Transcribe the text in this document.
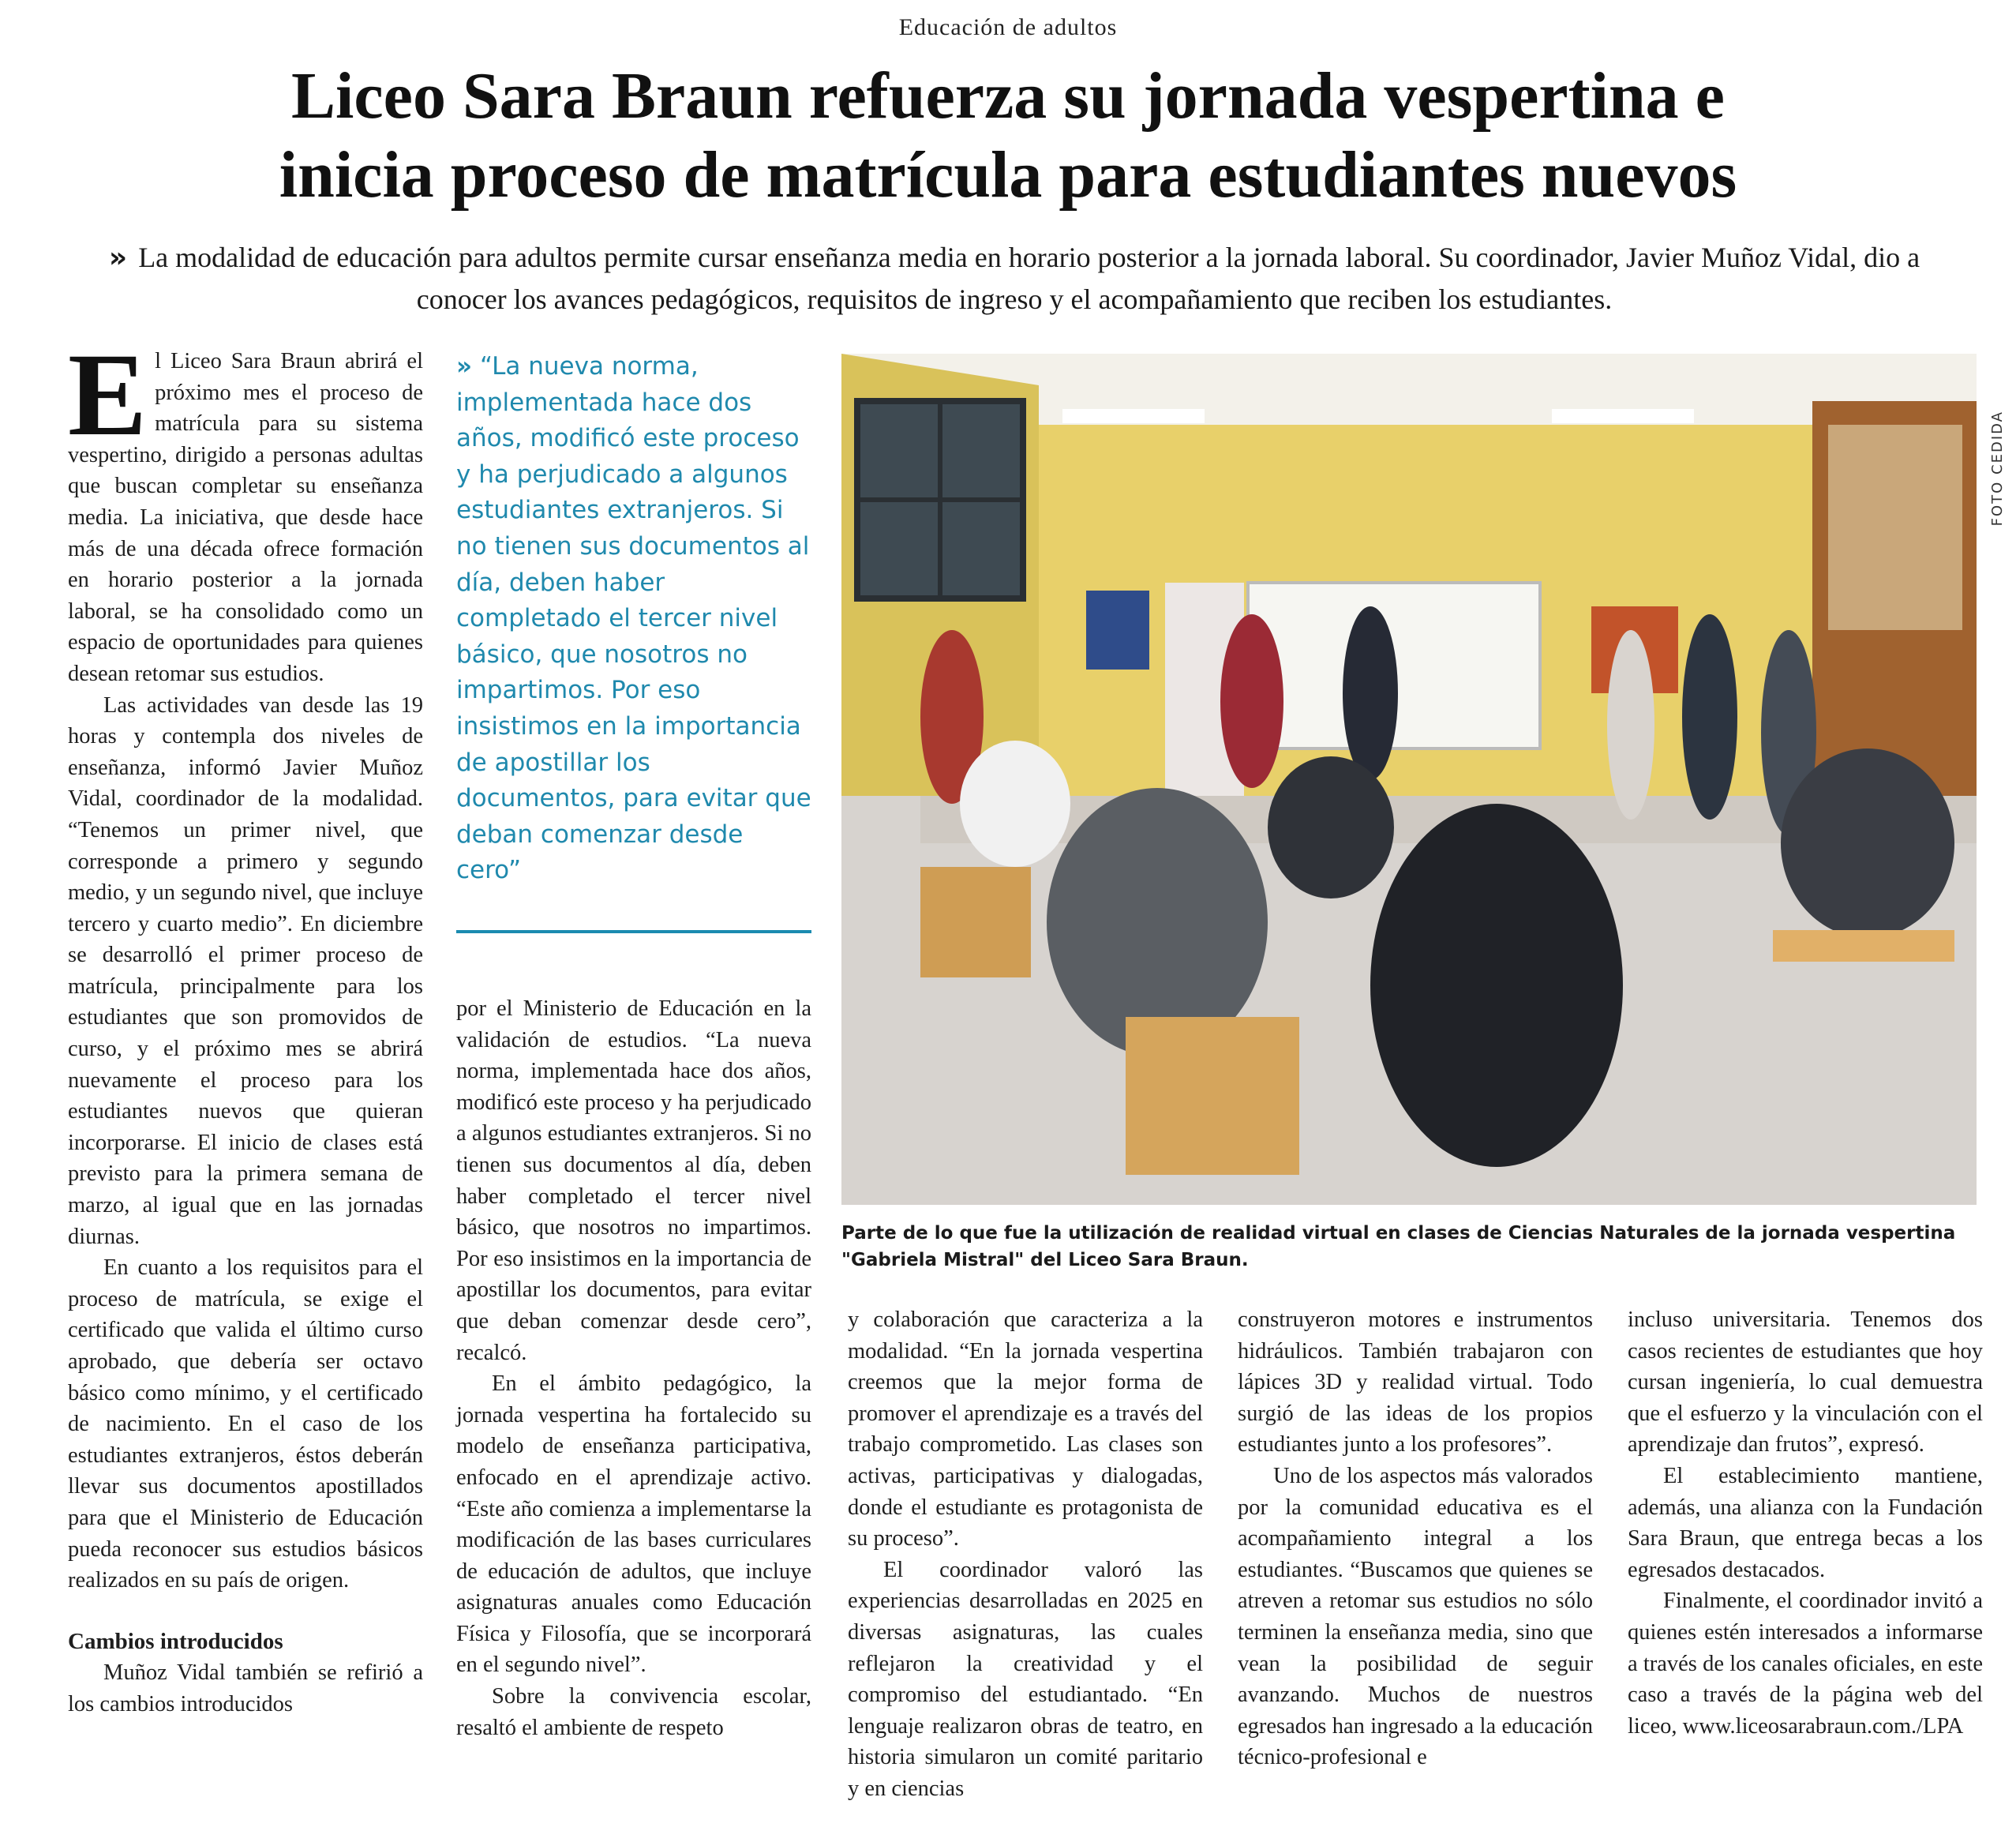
Educación de adultos
Liceo Sara Braun refuerza su jornada vespertina e
inicia proceso de matrícula para estudiantes nuevos
» La modalidad de educación para adultos permite cursar enseñanza media en horario posterior a la jornada laboral. Su coordinador, Javier Muñoz Vidal, dio a conocer los avances pedagógicos, requisitos de ingreso y el acompañamiento que reciben los estudiantes.

El Liceo Sara Braun abrirá el próximo mes el proceso de matrícula para su sistema vespertino, dirigido a personas adultas que buscan completar su enseñanza media. La iniciativa, que desde hace más de una década ofrece formación en horario posterior a la jornada laboral, se ha consolidado como un espacio de oportunidades para quienes desean retomar sus estudios.

Las actividades van desde las 19 horas y contempla dos niveles de enseñanza, informó Javier Muñoz Vidal, coordinador de la modalidad. “Tenemos un primer nivel, que corresponde a primero y segundo medio, y un segundo nivel, que incluye tercero y cuarto medio”. En diciembre se desarrolló el primer proceso de matrícula, principalmente para los estudiantes que son promovidos de curso, y el próximo mes se abrirá nuevamente el proceso para los estudiantes nuevos que quieran incorporarse. El inicio de clases está previsto para la primera semana de marzo, al igual que en las jornadas diurnas.

En cuanto a los requisitos para el proceso de matrícula, se exige el certificado que valida el último curso aprobado, que debería ser octavo básico como mínimo, y el certificado de nacimiento. En el caso de los estudiantes extranjeros, éstos deberán llevar sus documentos apostillados para que el Ministerio de Educación pueda reconocer sus estudios básicos realizados en su país de origen.

Cambios introducidos

Muñoz Vidal también se refirió a los cambios introducidos

» “La nueva norma, implementada hace dos años, modificó este proceso y ha perjudicado a algunos estudiantes extranjeros. Si no tienen sus documentos al día, deben haber completado el tercer nivel básico, que nosotros no impartimos. Por eso insistimos en la importancia de apostillar los documentos, para evitar que deban comenzar desde cero”

por el Ministerio de Educación en la validación de estudios. “La nueva norma, implementada hace dos años, modificó este proceso y ha perjudicado a algunos estudiantes extranjeros. Si no tienen sus documentos al día, deben haber completado el tercer nivel básico, que nosotros no impartimos. Por eso insistimos en la importancia de apostillar los documentos, para evitar que deban comenzar desde cero”, recalcó.

En el ámbito pedagógico, la jornada vespertina ha fortalecido su modelo de enseñanza participativa, enfocado en el aprendizaje activo. “Este año comienza a implementarse la modificación de las bases curriculares de educación de adultos, que incluye asignaturas anuales como Educación Física y Filosofía, que se incorporará en el segundo nivel”.

Sobre la convivencia escolar, resaltó el ambiente de respeto

FOTO CEDIDA
Parte de lo que fue la utilización de realidad virtual en clases de Ciencias Naturales de la jornada vespertina "Gabriela Mistral" del Liceo Sara Braun.

y colaboración que caracteriza a la modalidad. “En la jornada vespertina creemos que la mejor forma de promover el aprendizaje es a través del trabajo comprometido. Las clases son activas, participativas y dialogadas, donde el estudiante es protagonista de su proceso”.

El coordinador valoró las experiencias desarrolladas en 2025 en diversas asignaturas, las cuales reflejaron la creatividad y el compromiso del estudiantado. “En lenguaje realizaron obras de teatro, en historia simularon un comité paritario y en ciencias

construyeron motores e instrumentos hidráulicos. También trabajaron con lápices 3D y realidad virtual. Todo surgió de las ideas de los propios estudiantes junto a los profesores”.

Uno de los aspectos más valorados por la comunidad educativa es el acompañamiento integral a los estudiantes. “Buscamos que quienes se atreven a retomar sus estudios no sólo terminen la enseñanza media, sino que vean la posibilidad de seguir avanzando. Muchos de nuestros egresados han ingresado a la educación técnico-profesional e

incluso universitaria. Tenemos dos casos recientes de estudiantes que hoy cursan ingeniería, lo cual demuestra que el esfuerzo y la vinculación con el aprendizaje dan frutos”, expresó.

El establecimiento mantiene, además, una alianza con la Fundación Sara Braun, que entrega becas a los egresados destacados.

Finalmente, el coordinador invitó a quienes estén interesados a informarse a través de los canales oficiales, en este caso a través de la página web del liceo, www.liceosarabraun.com./LPA
